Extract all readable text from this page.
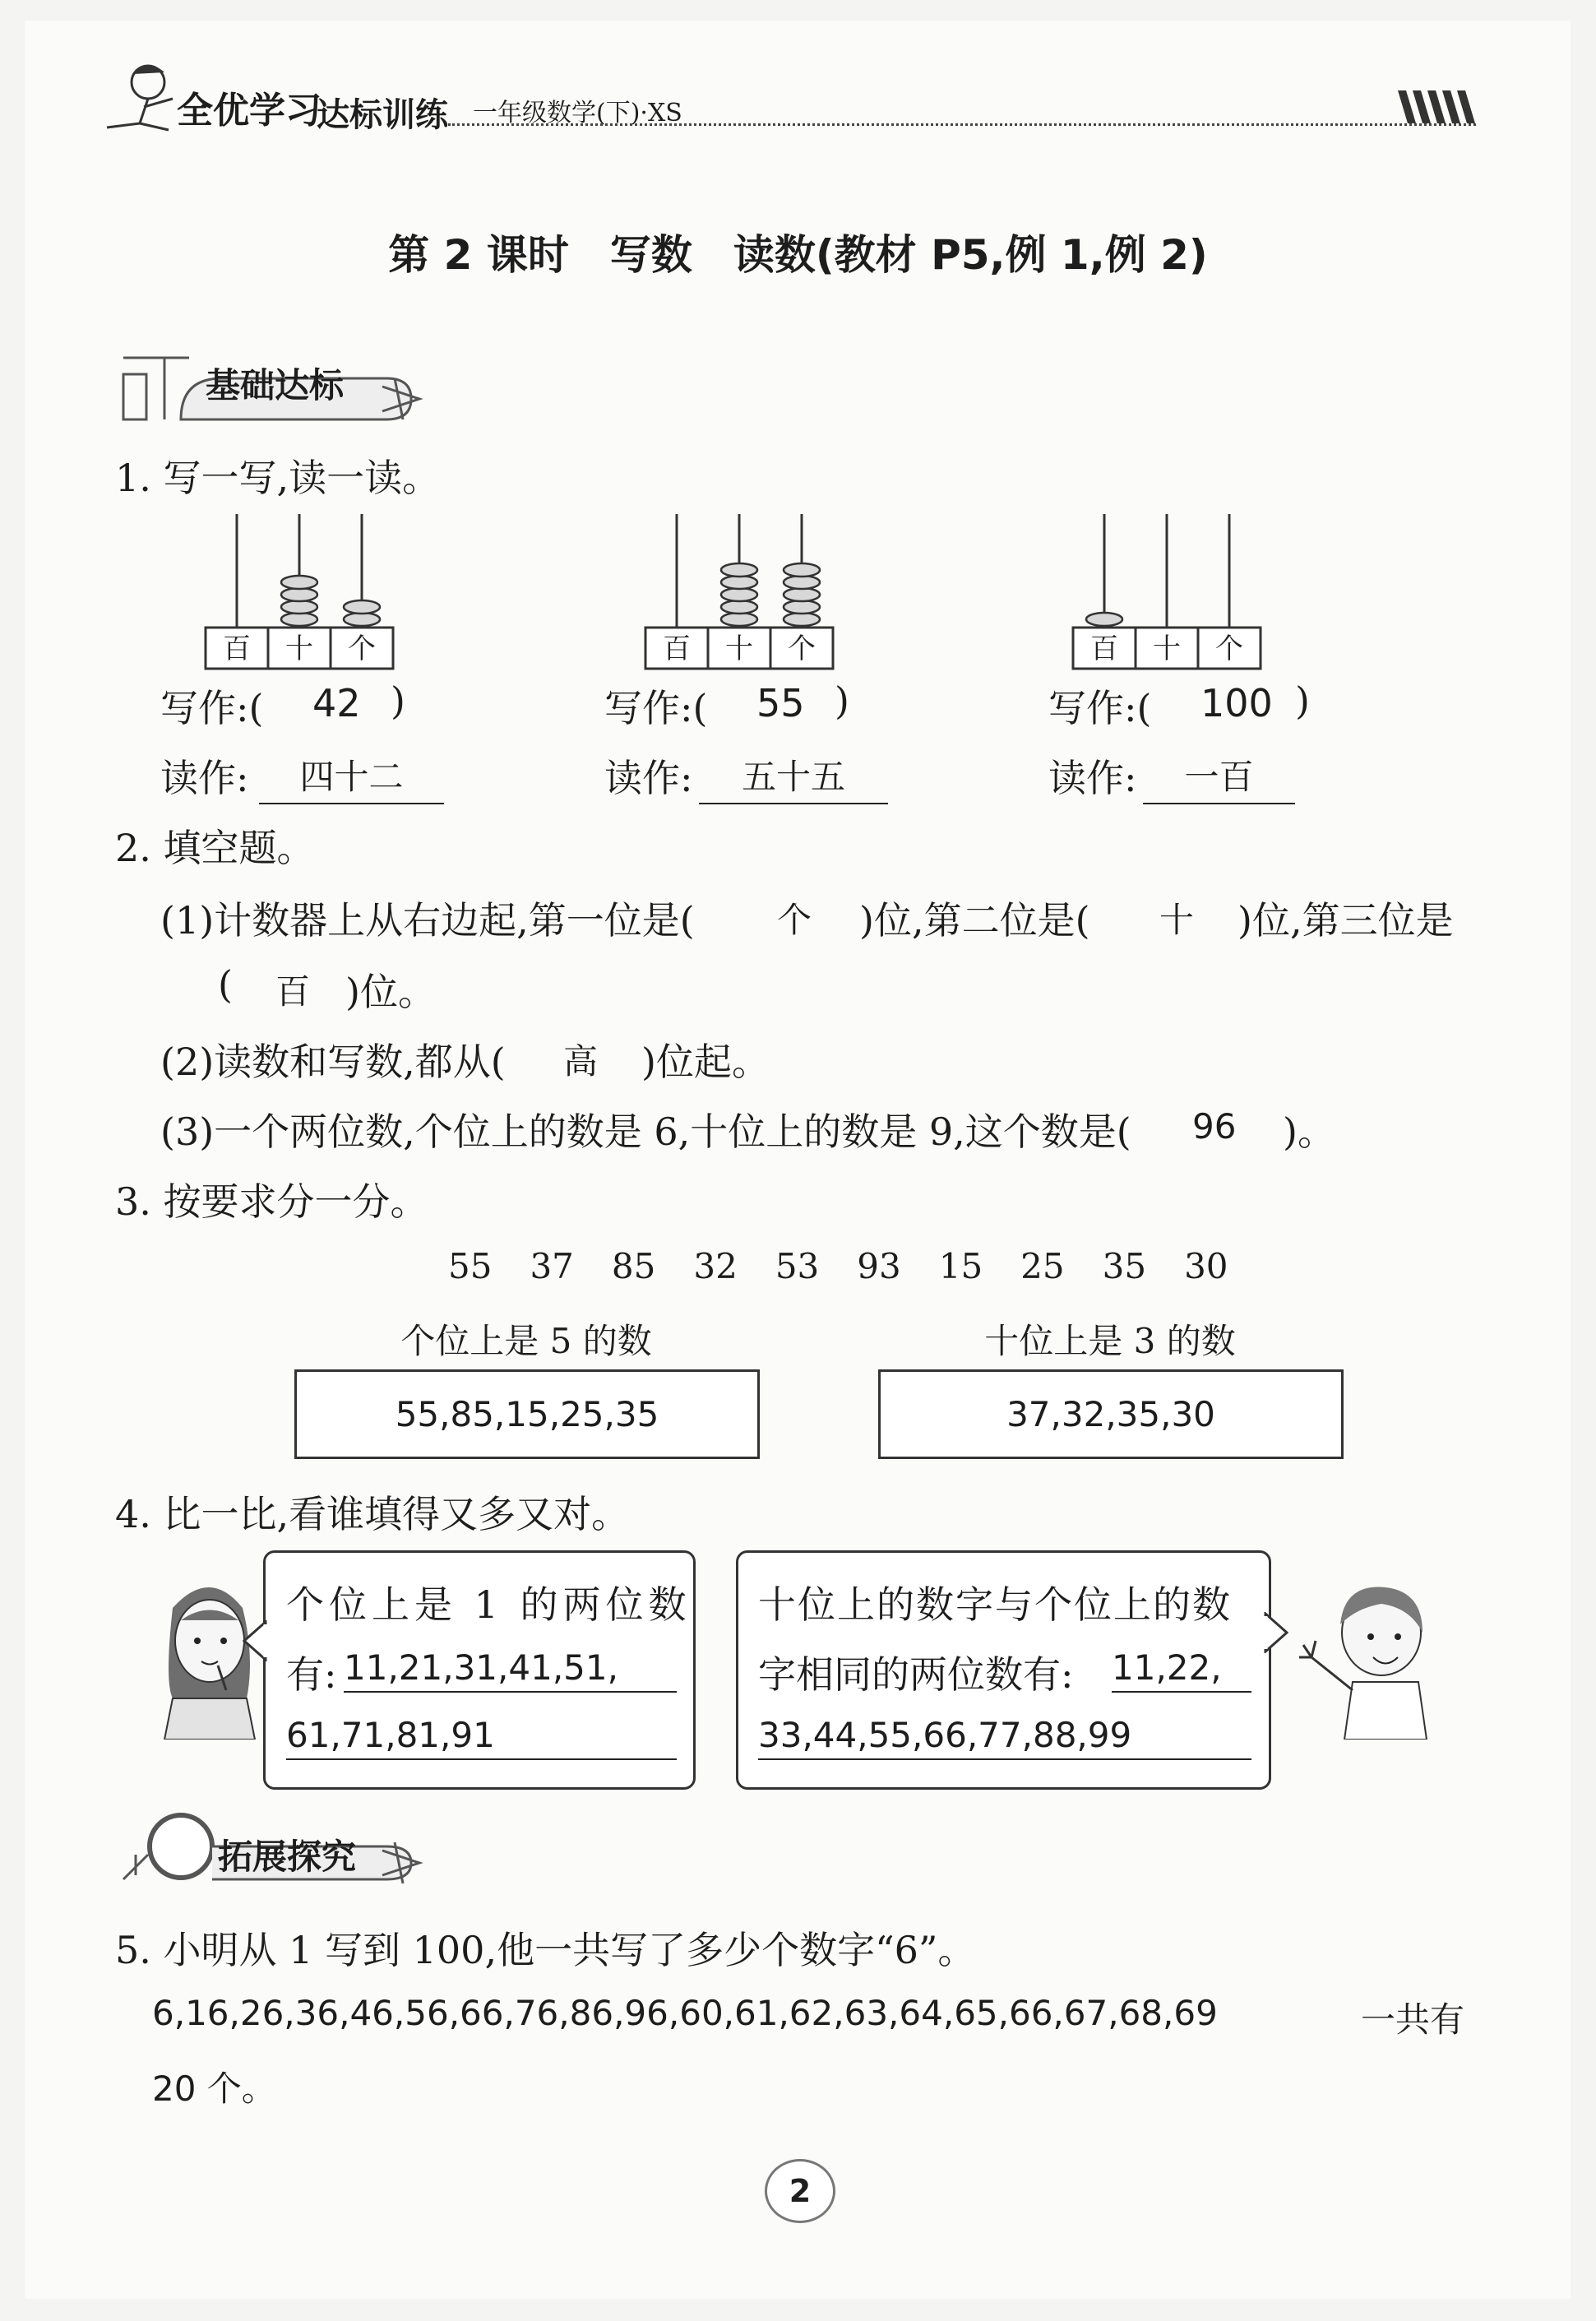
全优学习
达标训练 一年级数学(下)·XS
第 2 课时　写数　读数(教材 P5,例 1,例 2)
基础达标
1. 写一写,读一读。
百 十 个	百 十 个	百 十 个
写作:( 42 )	写作:( 55 )	写作:( 100 )
读作:	四十二	读作:	五十五	读作:	一百
2. 填空题。
(1)计数器上从右边起,第一位是( 个 )位,第二位是( 十 )位,第三位是
( 百 )位。
(2)读数和写数,都从( 高 )位起。
(3)一个两位数,个位上的数是 6,十位上的数是 9,这个数是( 96 )。
3. 按要求分一分。
55 37 85 32 53 93 15 25 35 30
个位上是 5 的数	十位上是 3 的数
55,85,15,25,35	37,32,35,30
4. 比一比,看谁填得又多又对。
个位上是 1 的两位数
有: 11,21,31,41,51,
61,71,81,91
十位上的数字与个位上的数
字相同的两位数有: 11,22,
33,44,55,66,77,88,99
拓展探究
5. 小明从 1 写到 100,他一共写了多少个数字“6”。
6,16,26,36,46,56,66,76,86,96,60,61,62,63,64,65,66,67,68,69	一共有
20 个。
2
